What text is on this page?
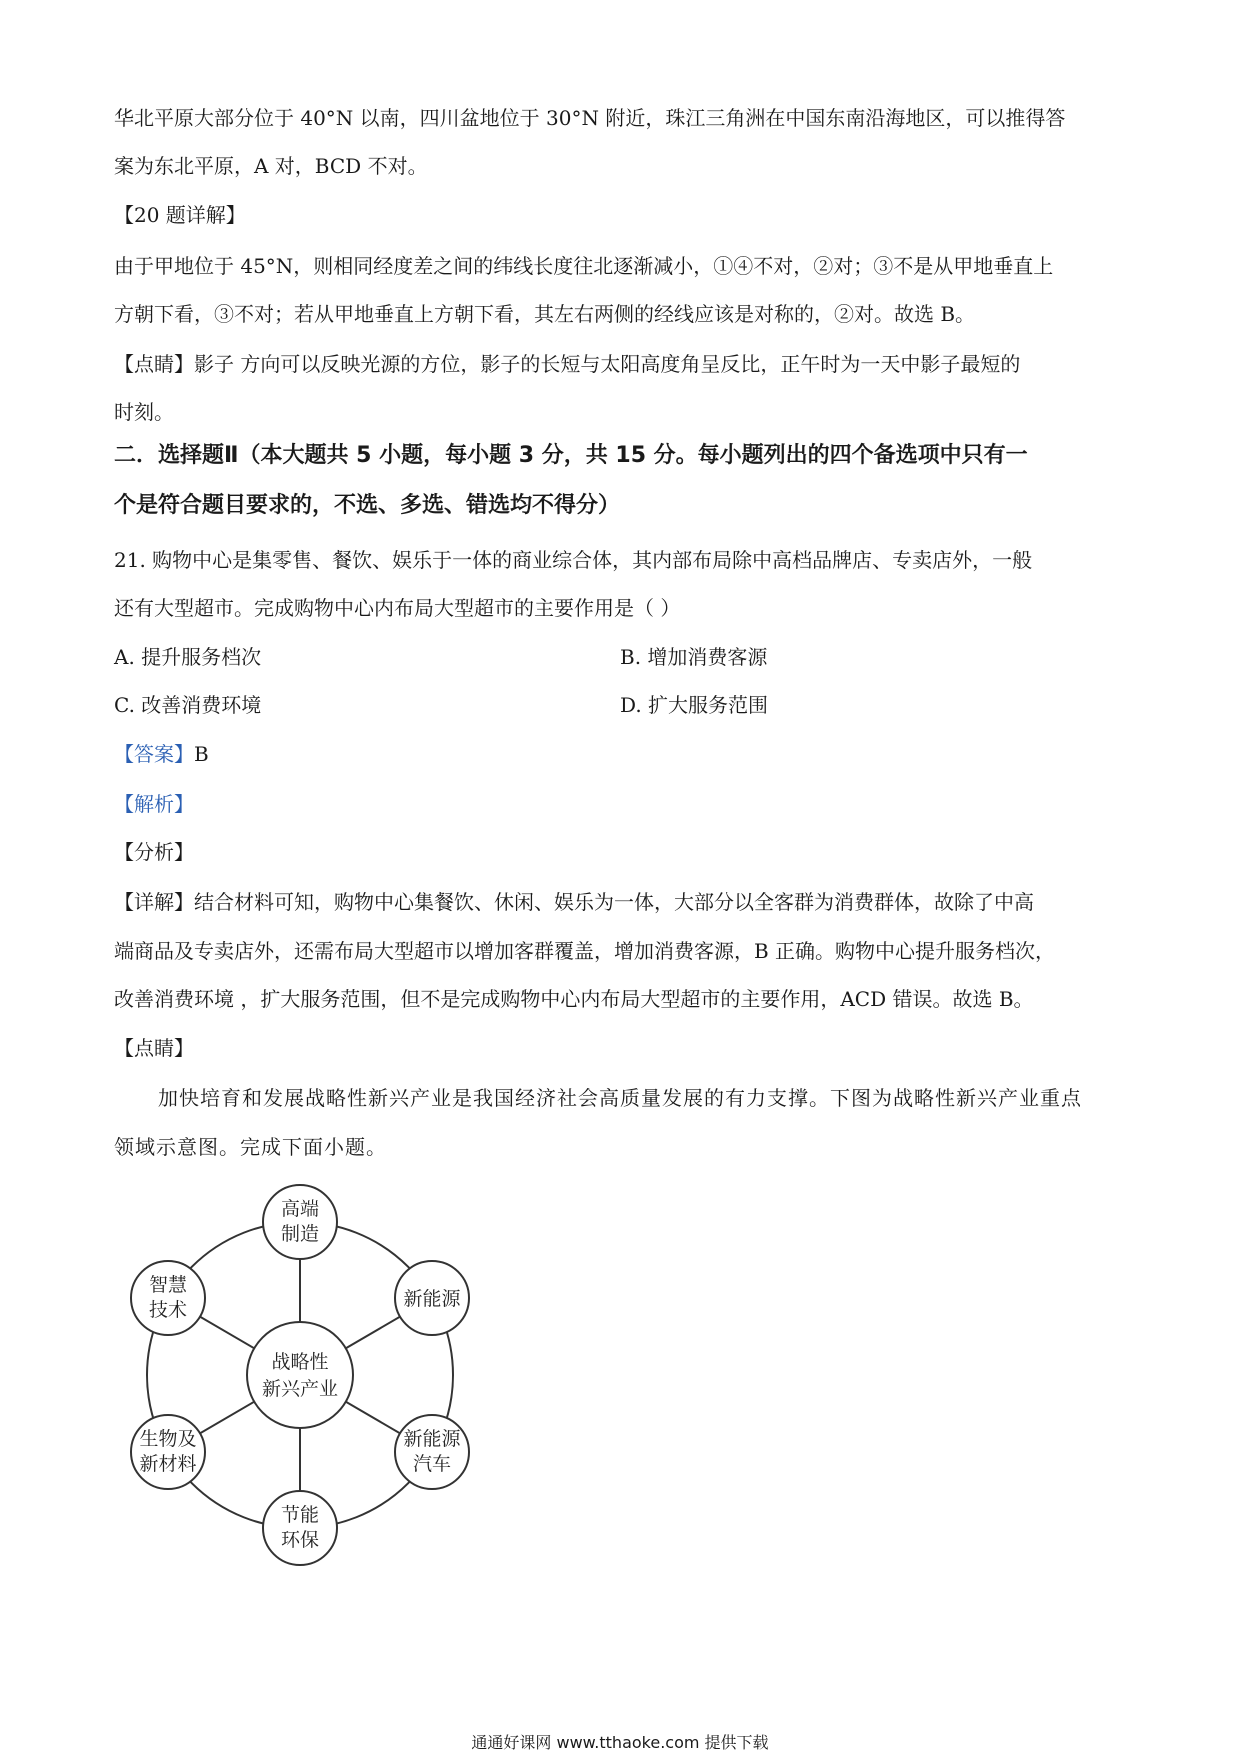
华北平原大部分位于 40°N 以南，四川盆地位于 30°N 附近，珠江三角洲在中国东南沿海地区，可以推得答
案为东北平原，A 对，BCD 不对。
【20 题详解】
由于甲地位于 45°N，则相同经度差之间的纬线长度往北逐渐减小，①④不对，②对；③不是从甲地垂直上
方朝下看，③不对；若从甲地垂直上方朝下看，其左右两侧的经线应该是对称的，②对。故选 B。
【点睛】影子 方向可以反映光源的方位，影子的长短与太阳高度角呈反比，正午时为一天中影子最短的
时刻。
二．选择题Ⅱ（本大题共 5 小题，每小题 3 分，共 15 分。每小题列出的四个备选项中只有一
个是符合题目要求的，不选、多选、错选均不得分）
21. 购物中心是集零售、餐饮、娱乐于一体的商业综合体，其内部布局除中高档品牌店、专卖店外，一般
还有大型超市。完成购物中心内布局大型超市的主要作用是（ ）
A. 提升服务档次	B. 增加消费客源
C. 改善消费环境	D. 扩大服务范围
【答案】B
【解析】
【分析】
【详解】结合材料可知，购物中心集餐饮、休闲、娱乐为一体，大部分以全客群为消费群体，故除了中高
端商品及专卖店外，还需布局大型超市以增加客群覆盖，增加消费客源，B 正确。购物中心提升服务档次，
改善消费环境 ，扩大服务范围，但不是完成购物中心内布局大型超市的主要作用，ACD 错误。故选 B。
【点睛】
加快培育和发展战略性新兴产业是我国经济社会高质量发展的有力支撑。下图为战略性新兴产业重点
领域示意图。完成下面小题。
战略性
新兴产业
高端
制造
新能源
新能源
汽车
节能
环保
生物及
新材料
智慧
技术
通通好课网 www.tthaoke.com 提供下载
